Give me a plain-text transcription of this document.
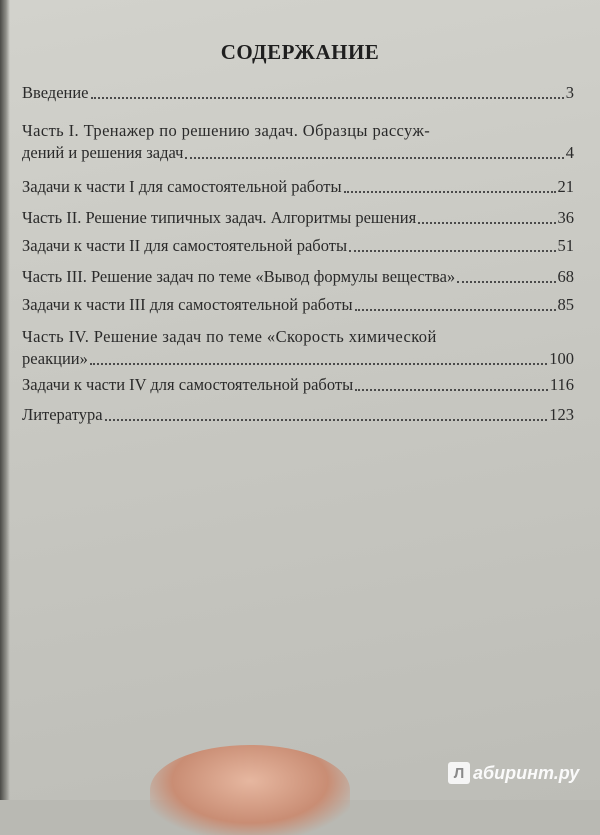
СОДЕРЖАНИЕ
Введение	3
Часть I. Тренажер по решению задач. Образцы рассуж-
дений и решения задач	4
Задачи к части I для самостоятельной работы	21
Часть II. Решение типичных задач. Алгоритмы решения	36
Задачи к части II для самостоятельной работы	51
Часть III. Решение задач по теме «Вывод формулы вещества»	68
Задачи к части III для самостоятельной работы	85
Часть IV. Решение задач по теме «Скорость химической
реакции»	100
Задачи к части IV для самостоятельной работы	116
Литература	123
Л абиринт.ру
